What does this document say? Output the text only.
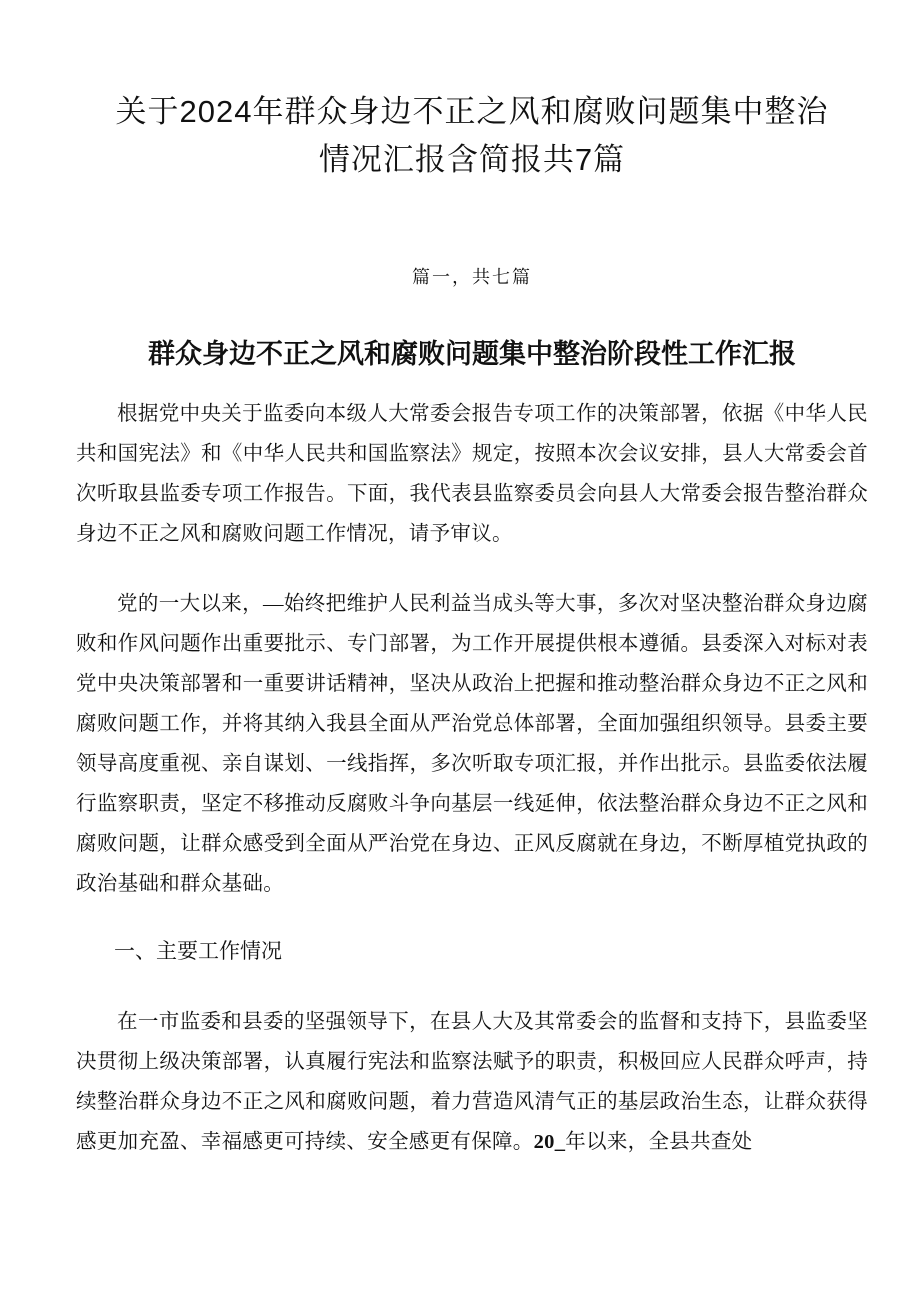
关于2024年群众身边不正之风和腐败问题集中整治
情况汇报含简报共7篇
篇一，共七篇
群众身边不正之风和腐败问题集中整治阶段性工作汇报

根据党中央关于监委向本级人大常委会报告专项工作的决策部署，依据《中华人民共和国宪法》和《中华人民共和国监察法》规定，按照本次会议安排，县人大常委会首次听取县监委专项工作报告。下面，我代表县监察委员会向县人大常委会报告整治群众身边不正之风和腐败问题工作情况，请予审议。

党的一大以来，—始终把维护人民利益当成头等大事，多次对坚决整治群众身边腐败和作风问题作出重要批示、专门部署，为工作开展提供根本遵循。县委深入对标对表党中央决策部署和一重要讲话精神，坚决从政治上把握和推动整治群众身边不正之风和腐败问题工作，并将其纳入我县全面从严治党总体部署，全面加强组织领导。县委主要领导高度重视、亲自谋划、一线指挥，多次听取专项汇报，并作出批示。县监委依法履行监察职责，坚定不移推动反腐败斗争向基层一线延伸，依法整治群众身边不正之风和腐败问题，让群众感受到全面从严治党在身边、正风反腐就在身边，不断厚植党执政的政治基础和群众基础。

一、主要工作情况

在一市监委和县委的坚强领导下，在县人大及其常委会的监督和支持下，县监委坚决贯彻上级决策部署，认真履行宪法和监察法赋予的职责，积极回应人民群众呼声，持续整治群众身边不正之风和腐败问题，着力营造风清气正的基层政治生态，让群众获得感更加充盈、幸福感更可持续、安全感更有保障。20_年以来，全县共查处
